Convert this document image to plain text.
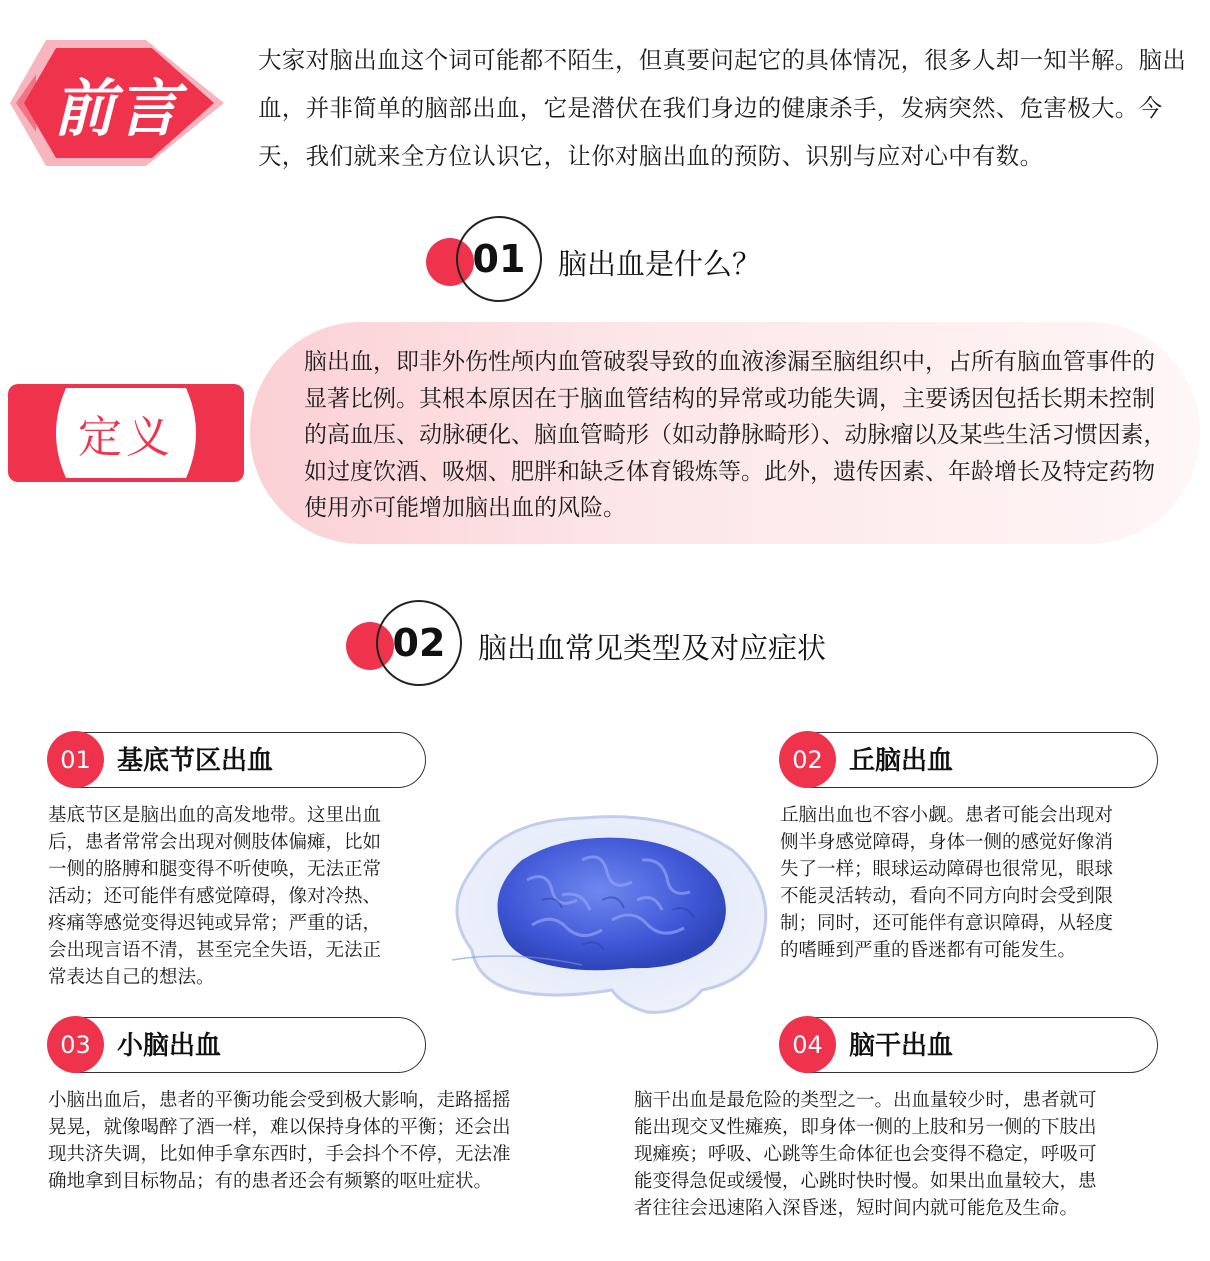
前言
大家对脑出血这个词可能都不陌生，但真要问起它的具体情况，很多人却一知半解。脑出血，并非简单的脑部出血，它是潜伏在我们身边的健康杀手，发病突然、危害极大。今天，我们就来全方位认识它，让你对脑出血的预防、识别与应对心中有数。
01	脑出血是什么？
定义
脑出血，即非外伤性颅内血管破裂导致的血液渗漏至脑组织中，占所有脑血管事件的显著比例。其根本原因在于脑血管结构的异常或功能失调，主要诱因包括长期未控制的高血压、动脉硬化、脑血管畸形（如动静脉畸形）、动脉瘤以及某些生活习惯因素，如过度饮酒、吸烟、肥胖和缺乏体育锻炼等。此外，遗传因素、年龄增长及特定药物使用亦可能增加脑出血的风险。
02	脑出血常见类型及对应症状
01	基底节区出血
基底节区是脑出血的高发地带。这里出血
后，患者常常会出现对侧肢体偏瘫，比如
一侧的胳膊和腿变得不听使唤，无法正常
活动；还可能伴有感觉障碍，像对冷热、
疼痛等感觉变得迟钝或异常；严重的话，
会出现言语不清，甚至完全失语，无法正
常表达自己的想法。
02	丘脑出血
丘脑出血也不容小觑。患者可能会出现对
侧半身感觉障碍，身体一侧的感觉好像消
失了一样；眼球运动障碍也很常见，眼球
不能灵活转动，看向不同方向时会受到限
制；同时，还可能伴有意识障碍，从轻度
的嗜睡到严重的昏迷都有可能发生。
03	小脑出血
小脑出血后，患者的平衡功能会受到极大影响，走路摇摇
晃晃，就像喝醉了酒一样，难以保持身体的平衡；还会出
现共济失调，比如伸手拿东西时，手会抖个不停，无法准
确地拿到目标物品；有的患者还会有频繁的呕吐症状。
04	脑干出血
脑干出血是最危险的类型之一。出血量较少时，患者就可
能出现交叉性瘫痪，即身体一侧的上肢和另一侧的下肢出
现瘫痪；呼吸、心跳等生命体征也会变得不稳定，呼吸可
能变得急促或缓慢，心跳时快时慢。如果出血量较大，患
者往往会迅速陷入深昏迷，短时间内就可能危及生命。
